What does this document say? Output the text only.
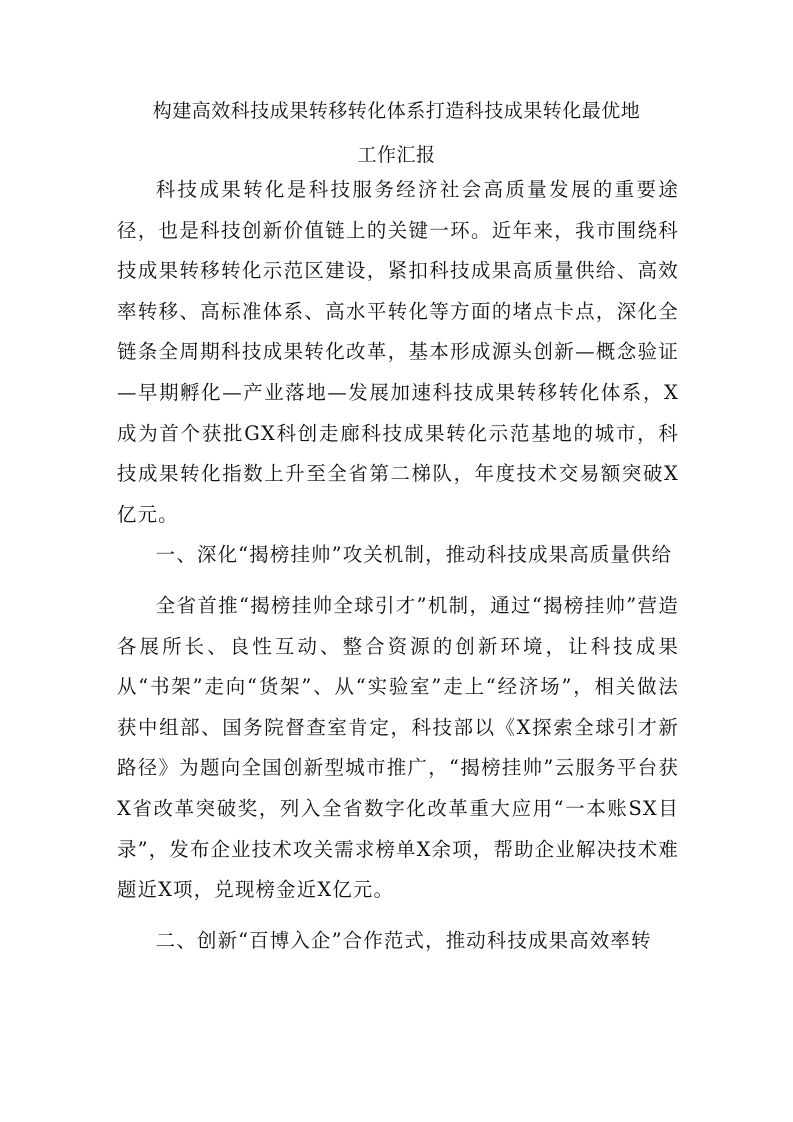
构建高效科技成果转移转化体系打造科技成果转化最优地
工作汇报

科技成果转化是科技服务经济社会高质量发展的重要途径，也是科技创新价值链上的关键一环。近年来，我市围绕科技成果转移转化示范区建设，紧扣科技成果高质量供给、高效率转移、高标准体系、高水平转化等方面的堵点卡点，深化全链条全周期科技成果转化改革，基本形成源头创新—概念验证—早期孵化—产业落地—发展加速科技成果转移转化体系，X成为首个获批GX科创走廊科技成果转化示范基地的城市，科技成果转化指数上升至全省第二梯队，年度技术交易额突破X亿元。

一、深化“揭榜挂帅”攻关机制，推动科技成果高质量供给

全省首推“揭榜挂帅全球引才”机制，通过“揭榜挂帅”营造各展所长、良性互动、整合资源的创新环境，让科技成果从“书架”走向“货架”、从“实验室”走上“经济场”，相关做法获中组部、国务院督查室肯定，科技部以《X探索全球引才新路径》为题向全国创新型城市推广，“揭榜挂帅”云服务平台获X省改革突破奖，列入全省数字化改革重大应用“一本账SX目录”，发布企业技术攻关需求榜单X余项，帮助企业解决技术难题近X项，兑现榜金近X亿元。

二、创新“百博入企”合作范式，推动科技成果高效率转
